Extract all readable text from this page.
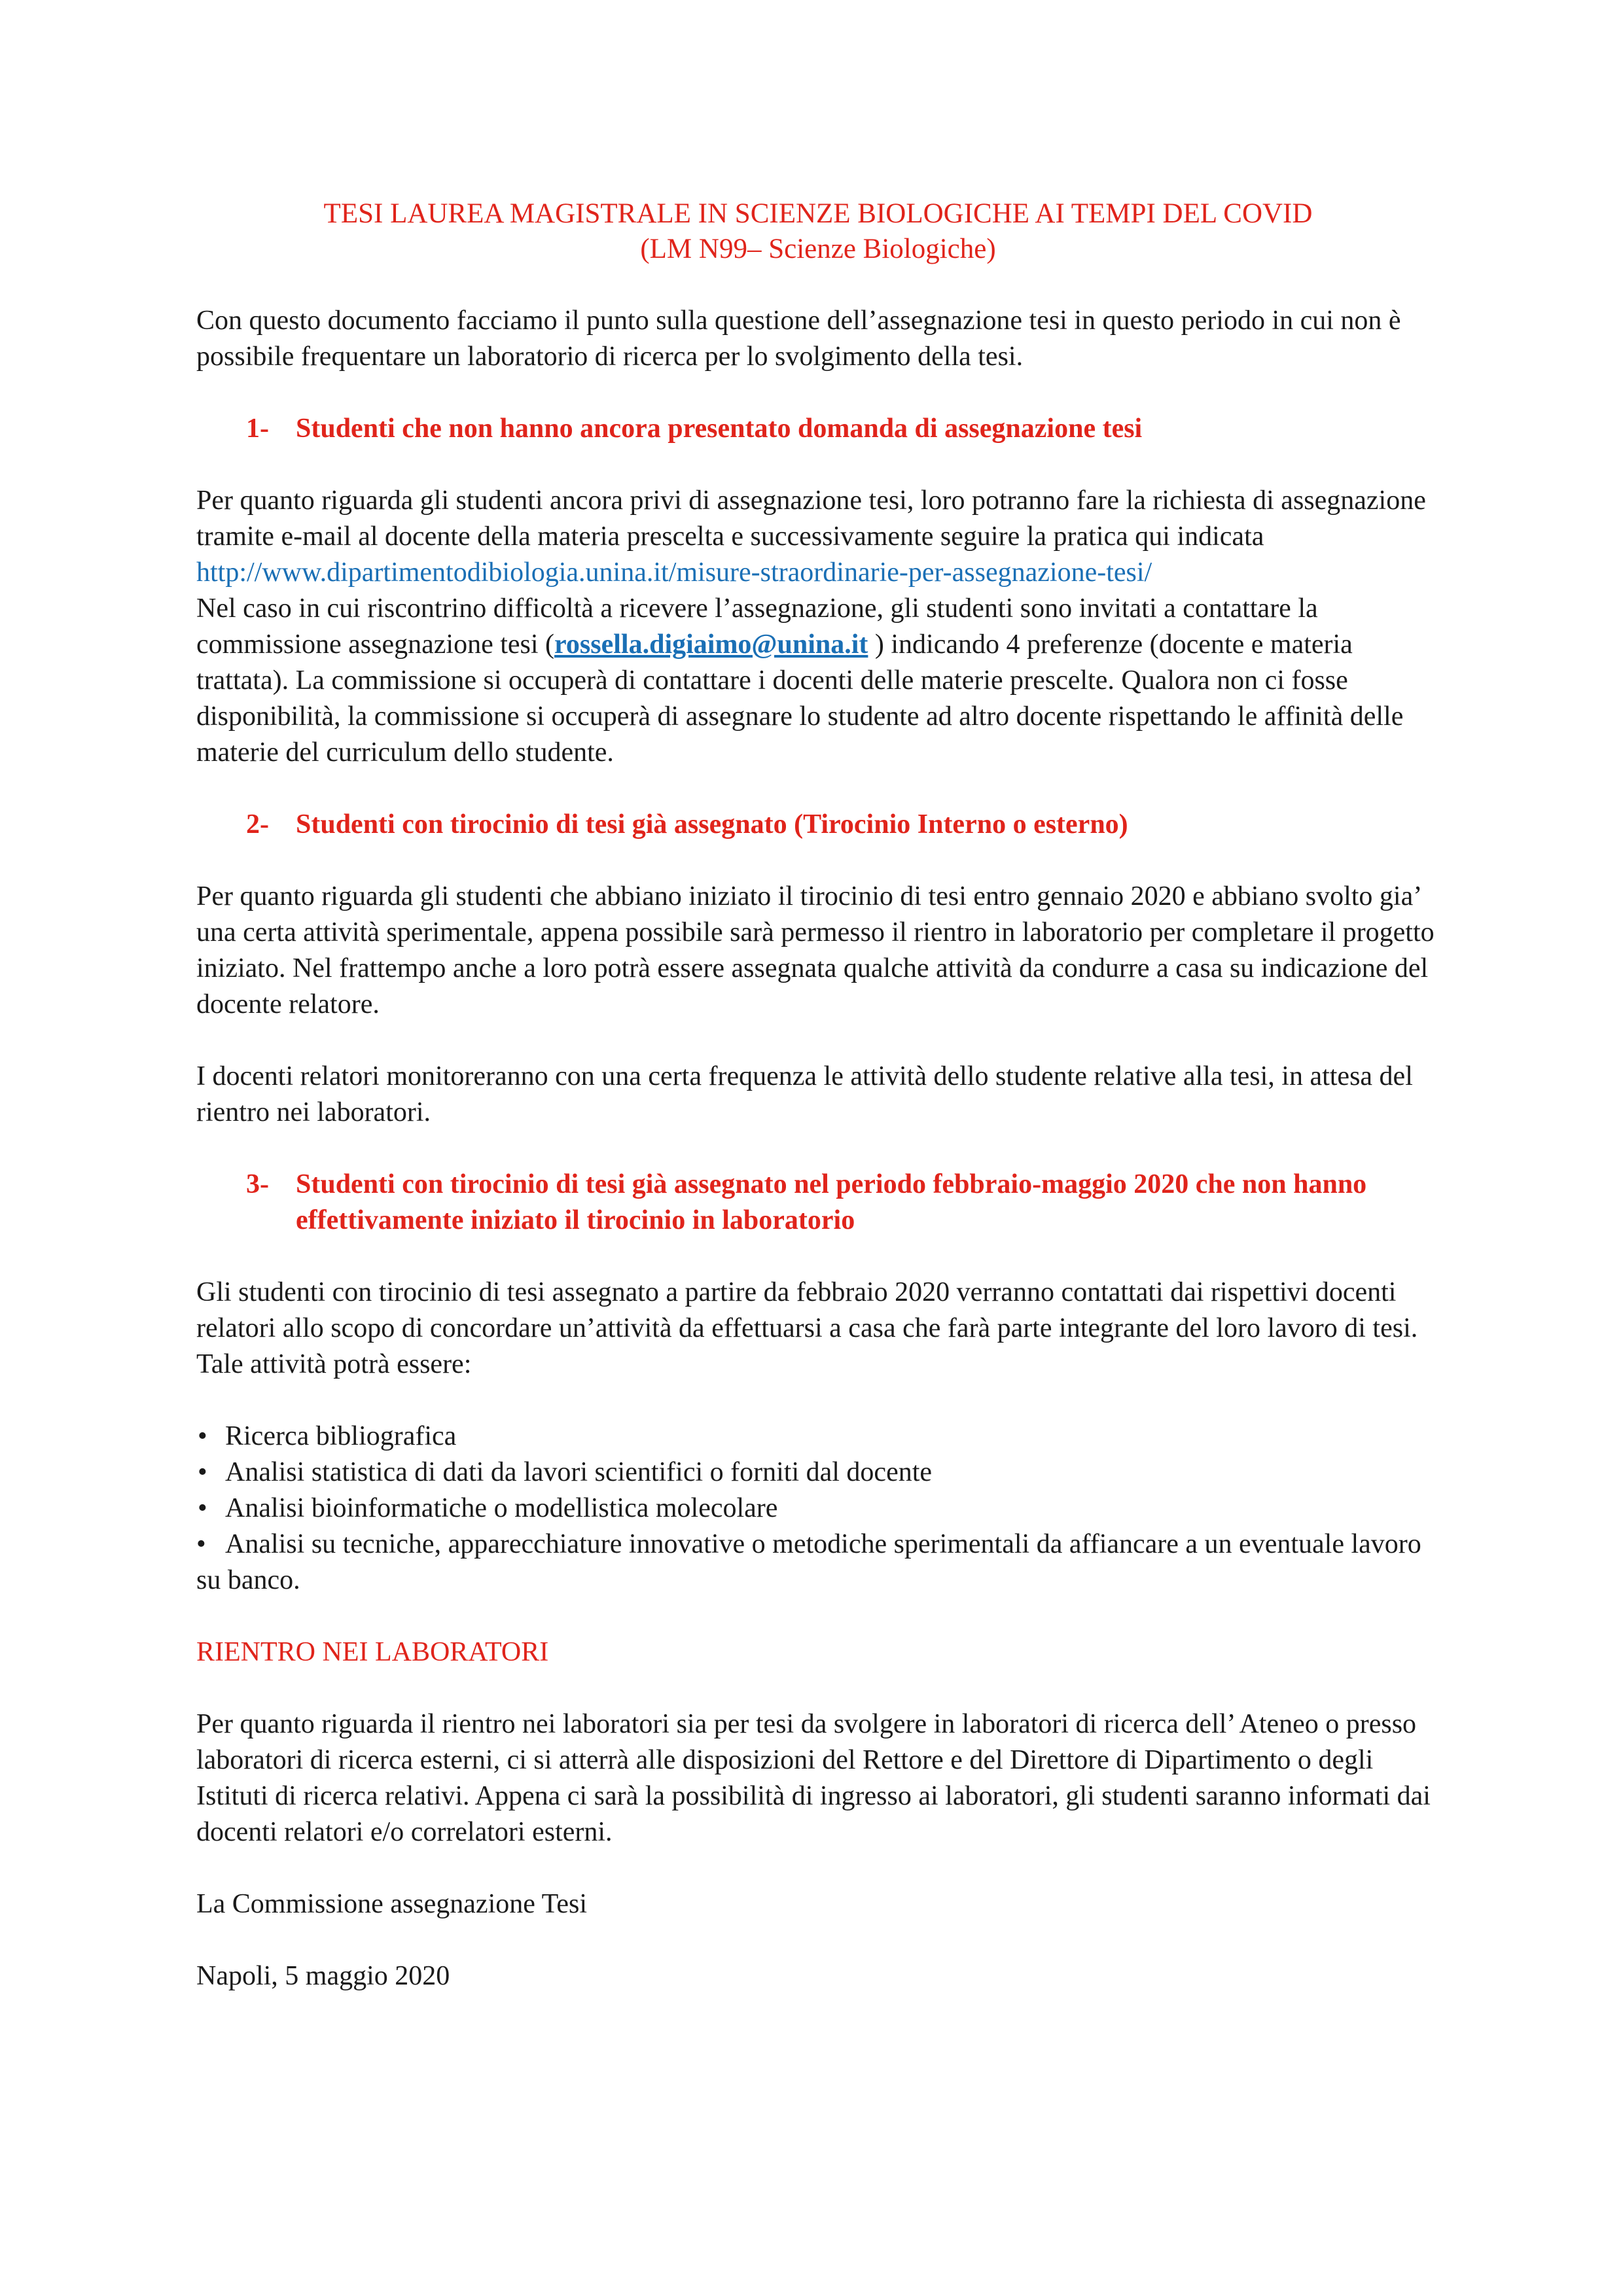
TESI LAUREA MAGISTRALE IN SCIENZE BIOLOGICHE AI TEMPI DEL COVID

(LM N99– Scienze Biologiche)

Con questo documento facciamo il punto sulla questione dell’assegnazione tesi in questo periodo in cui non è possibile frequentare un laboratorio di ricerca per lo svolgimento della tesi.

1- Studenti che non hanno ancora presentato domanda di assegnazione tesi

Per quanto riguarda gli studenti ancora privi di assegnazione tesi, loro potranno fare la richiesta di assegnazione tramite e-mail al docente della materia prescelta e successivamente seguire la pratica qui indicata http://www.dipartimentodibiologia.unina.it/misure-straordinarie-per-assegnazione-tesi/

Nel caso in cui riscontrino difficoltà a ricevere l’assegnazione, gli studenti sono invitati a contattare la commissione assegnazione tesi (rossella.digiaimo@unina.it ) indicando 4 preferenze (docente e materia trattata). La commissione si occuperà di contattare i docenti delle materie prescelte. Qualora non ci fosse disponibilità, la commissione si occuperà di assegnare lo studente ad altro docente rispettando le affinità delle materie del curriculum dello studente.

2- Studenti con tirocinio di tesi già assegnato (Tirocinio Interno o esterno)

Per quanto riguarda gli studenti che abbiano iniziato il tirocinio di tesi entro gennaio 2020 e abbiano svolto gia’ una certa attività sperimentale, appena possibile sarà permesso il rientro in laboratorio per completare il progetto iniziato. Nel frattempo anche a loro potrà essere assegnata qualche attività da condurre a casa su indicazione del docente relatore.

I docenti relatori monitoreranno con una certa frequenza le attività dello studente relative alla tesi, in attesa del rientro nei laboratori.

3- Studenti con tirocinio di tesi già assegnato nel periodo febbraio-maggio 2020 che non hanno effettivamente iniziato il tirocinio in laboratorio

Gli studenti con tirocinio di tesi assegnato a partire da febbraio 2020 verranno contattati dai rispettivi docenti relatori allo scopo di concordare un’attività da effettuarsi a casa che farà parte integrante del loro lavoro di tesi. Tale attività potrà essere:

• Ricerca bibliografica
• Analisi statistica di dati da lavori scientifici o forniti dal docente
• Analisi bioinformatiche o modellistica molecolare
• Analisi su tecniche, apparecchiature innovative o metodiche sperimentali da affiancare a un eventuale lavoro su banco.

RIENTRO NEI LABORATORI

Per quanto riguarda il rientro nei laboratori sia per tesi da svolgere in laboratori di ricerca dell’ Ateneo o presso laboratori di ricerca esterni, ci si atterrà alle disposizioni del Rettore e del Direttore di Dipartimento o degli Istituti di ricerca relativi. Appena ci sarà la possibilità di ingresso ai laboratori, gli studenti saranno informati dai docenti relatori e/o correlatori esterni.

La Commissione assegnazione Tesi

Napoli, 5 maggio 2020
